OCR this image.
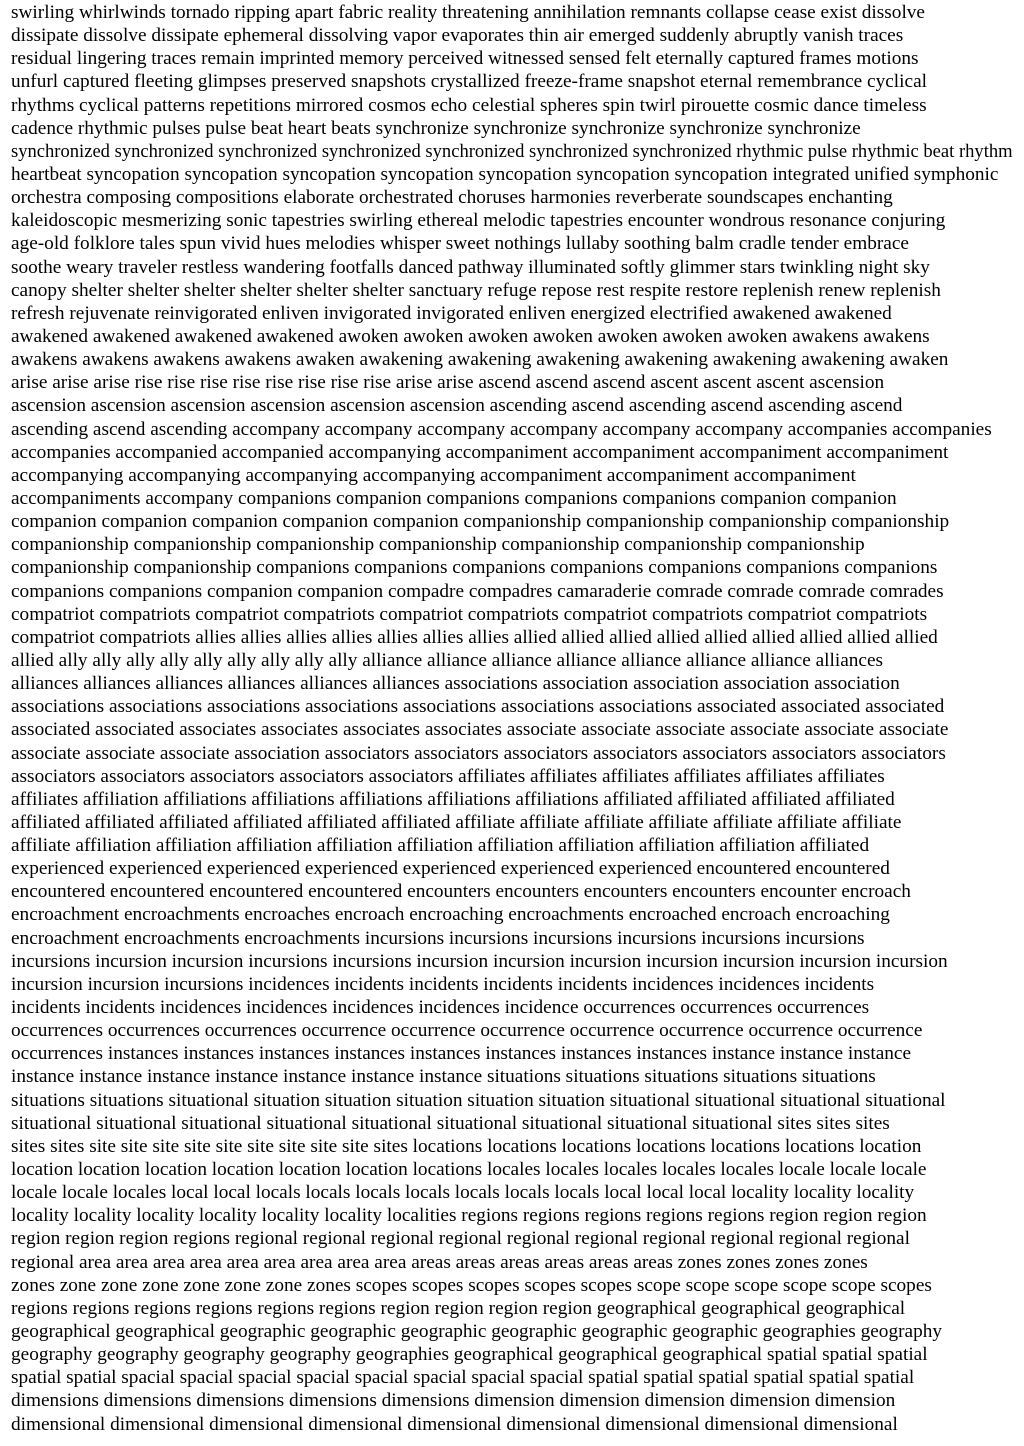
swirling whirlwinds tornado ripping apart fabric reality threatening annihilation remnants collapse cease exist dissolve
dissipate dissolve dissipate ephemeral dissolving vapor evaporates thin air emerged suddenly abruptly vanish traces
residual lingering traces remain imprinted memory perceived witnessed sensed felt eternally captured frames motions
unfurl captured fleeting glimpses preserved snapshots crystallized freeze-frame snapshot eternal remembrance cyclical
rhythms cyclical patterns repetitions mirrored cosmos echo celestial spheres spin twirl pirouette cosmic dance timeless
cadence rhythmic pulses pulse beat heart beats synchronize synchronize synchronize synchronize synchronize
synchronized synchronized synchronized synchronized synchronized synchronized synchronized rhythmic pulse rhythmic beat rhythm
heartbeat syncopation syncopation syncopation syncopation syncopation syncopation syncopation integrated unified symphonic
orchestra composing compositions elaborate orchestrated choruses harmonies reverberate soundscapes enchanting
kaleidoscopic mesmerizing sonic tapestries swirling ethereal melodic tapestries encounter wondrous resonance conjuring
age-old folklore tales spun vivid hues melodies whisper sweet nothings lullaby soothing balm cradle tender embrace
soothe weary traveler restless wandering footfalls danced pathway illuminated softly glimmer stars twinkling night sky
canopy shelter shelter shelter shelter shelter shelter sanctuary refuge repose rest respite restore replenish renew replenish
refresh rejuvenate reinvigorated enliven invigorated invigorated enliven energized electrified awakened awakened
awakened awakened awakened awakened awoken awoken awoken awoken awoken awoken awoken awakens awakens
awakens awakens awakens awakens awaken awakening awakening awakening awakening awakening awakening awaken
arise arise arise rise rise rise rise rise rise rise rise arise arise ascend ascend ascend ascent ascent ascent ascension
ascension ascension ascension ascension ascension ascension ascending ascend ascending ascend ascending ascend
ascending ascend ascending accompany accompany accompany accompany accompany accompany accompanies accompanies
accompanies accompanied accompanied accompanying accompaniment accompaniment accompaniment accompaniment
accompanying accompanying accompanying accompanying accompaniment accompaniment accompaniment
accompaniments accompany companions companion companions companions companions companion companion
companion companion companion companion companion companionship companionship companionship companionship
companionship companionship companionship companionship companionship companionship companionship
companionship companionship companions companions companions companions companions companions companions
companions companions companion companion compadre compadres camaraderie comrade comrade comrade comrades
compatriot compatriots compatriot compatriots compatriot compatriots compatriot compatriots compatriot compatriots
compatriot compatriots allies allies allies allies allies allies allies allied allied allied allied allied allied allied allied allied
allied ally ally ally ally ally ally ally ally ally alliance alliance alliance alliance alliance alliance alliance alliances
alliances alliances alliances alliances alliances alliances associations association association association association
associations associations associations associations associations associations associations associated associated associated
associated associated associates associates associates associates associate associate associate associate associate associate
associate associate associate association associators associators associators associators associators associators associators
associators associators associators associators associators affiliates affiliates affiliates affiliates affiliates affiliates
affiliates affiliation affiliations affiliations affiliations affiliations affiliations affiliated affiliated affiliated affiliated
affiliated affiliated affiliated affiliated affiliated affiliated affiliate affiliate affiliate affiliate affiliate affiliate affiliate
affiliate affiliation affiliation affiliation affiliation affiliation affiliation affiliation affiliation affiliation affiliated
experienced experienced experienced experienced experienced experienced experienced encountered encountered
encountered encountered encountered encountered encounters encounters encounters encounters encounter encroach
encroachment encroachments encroaches encroach encroaching encroachments encroached encroach encroaching
encroachment encroachments encroachments incursions incursions incursions incursions incursions incursions
incursions incursion incursion incursions incursions incursion incursion incursion incursion incursion incursion incursion
incursion incursion incursions incidences incidents incidents incidents incidents incidences incidences incidents
incidents incidents incidences incidences incidences incidences incidence occurrences occurrences occurrences
occurrences occurrences occurrences occurrence occurrence occurrence occurrence occurrence occurrence occurrence
occurrences instances instances instances instances instances instances instances instances instance instance instance
instance instance instance instance instance instance instance situations situations situations situations situations
situations situations situational situation situation situation situation situation situational situational situational situational
situational situational situational situational situational situational situational situational situational sites sites sites
sites sites site site site site site site site site site sites locations locations locations locations locations locations location
location location location location location location locations locales locales locales locales locales locale locale locale
locale locale locales local local locals locals locals locals locals locals locals local local local locality locality locality
locality locality locality locality locality locality localities regions regions regions regions regions region region region
region region region regions regional regional regional regional regional regional regional regional regional regional
regional area area area area area area area area area areas areas areas areas areas areas zones zones zones zones
zones zone zone zone zone zone zone zones scopes scopes scopes scopes scopes scope scope scope scope scope scopes
regions regions regions regions regions regions region region region region geographical geographical geographical
geographical geographical geographic geographic geographic geographic geographic geographic geographies geography
geography geography geography geography geographies geographical geographical geographical spatial spatial spatial
spatial spatial spacial spacial spacial spacial spacial spacial spacial spacial spatial spatial spatial spatial spatial spatial
dimensions dimensions dimensions dimensions dimensions dimension dimension dimension dimension dimension
dimensional dimensional dimensional dimensional dimensional dimensional dimensional dimensional dimensional
